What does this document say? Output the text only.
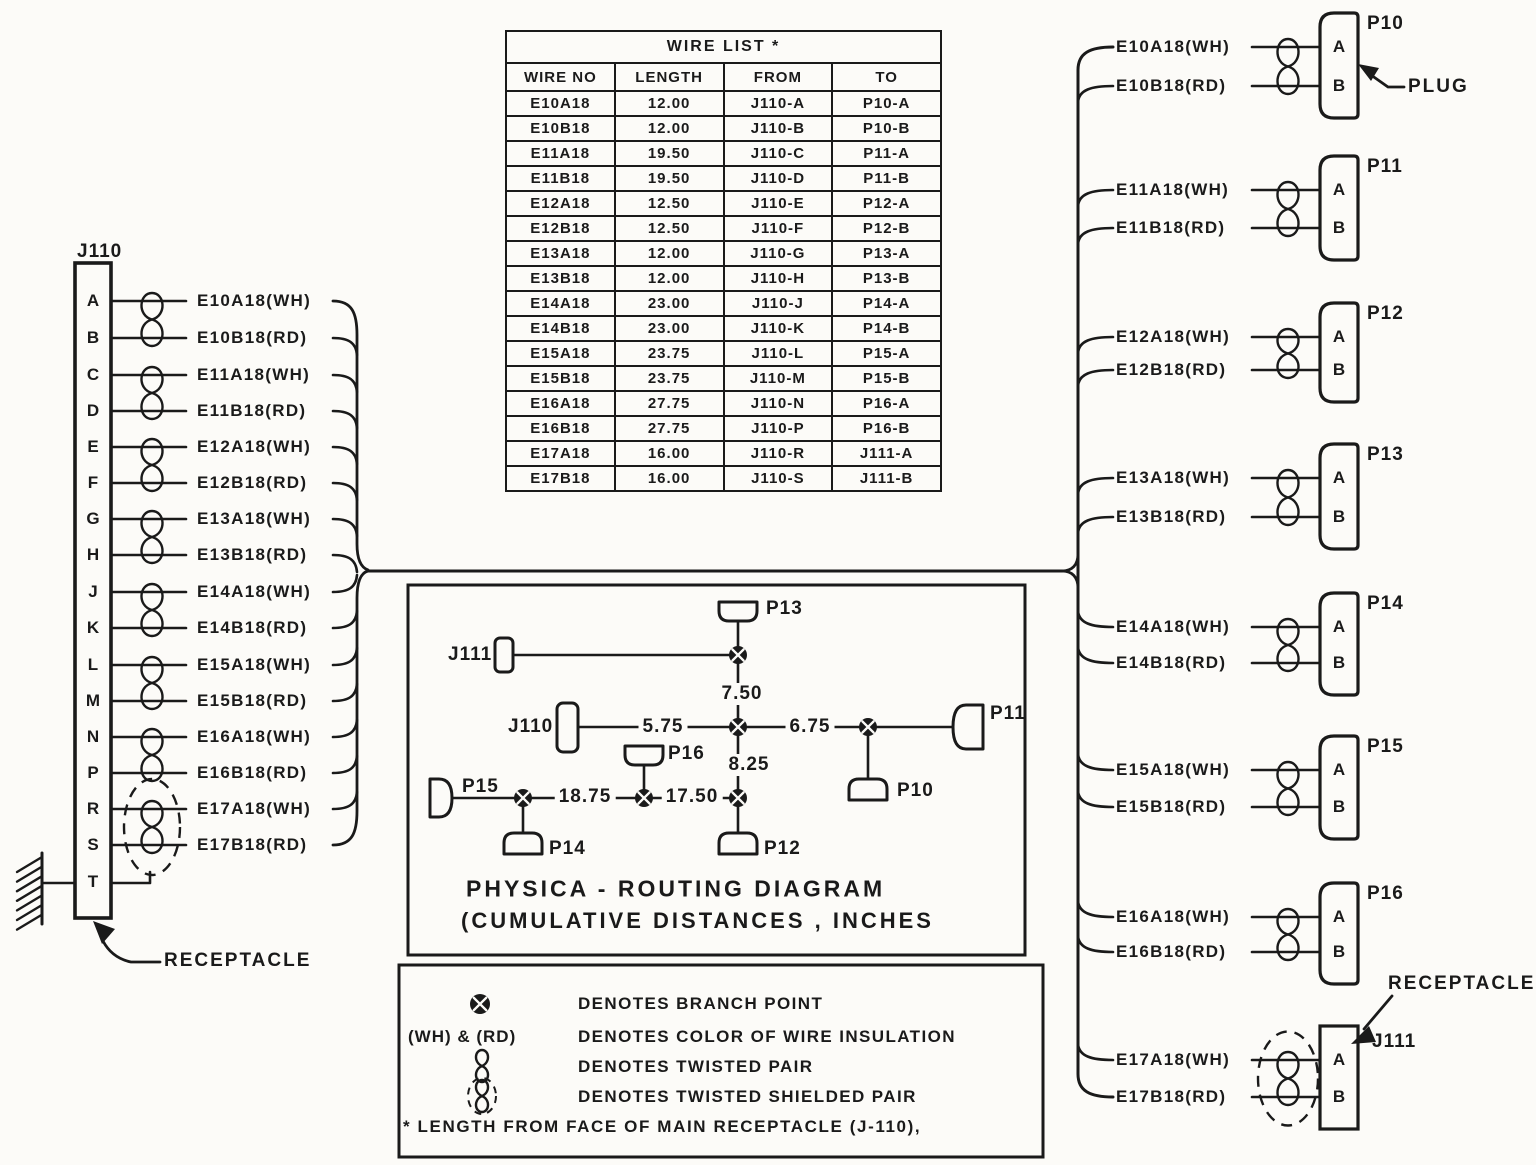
J110
RECEPTACLE
PLUG
RECEPTACLE
WIRE LIST *			
WIRE NO	LENGTH	FROM	TO
E10A18	12.00	J110-A	P10-A
E10B18	12.00	J110-B	P10-B
E11A18	19.50	J110-C	P11-A
E11B18	19.50	J110-D	P11-B
E12A18	12.50	J110-E	P12-A
E12B18	12.50	J110-F	P12-B
E13A18	12.00	J110-G	P13-A
E13B18	12.00	J110-H	P13-B
E14A18	23.00	J110-J	P14-A
E14B18	23.00	J110-K	P14-B
E15A18	23.75	J110-L	P15-A
E15B18	23.75	J110-M	P15-B
E16A18	27.75	J110-N	P16-A
E16B18	27.75	J110-P	P16-B
E17A18	16.00	J110-R	J111-A
E17B18	16.00	J110-S	J111-B
PHYSICA - ROUTING DIAGRAM
(CUMULATIVE DISTANCES , INCHES
P13
J111
J110
P11
P16
P10
P15
P14	P12
7.50
5.75	6.75
8.25
18.75	17.50
DENOTES BRANCH POINT
(WH) & (RD)	DENOTES COLOR OF WIRE INSULATION
DENOTES TWISTED PAIR
DENOTES TWISTED SHIELDED PAIR
* LENGTH FROM FACE OF MAIN RECEPTACLE (J-110),
A
B
C
D
E
F
G
H
J
K
L
M
N
P
R
S
T
E10A18(WH)
E10B18(RD)
E11A18(WH)
E11B18(RD)
E12A18(WH)
E12B18(RD)
E13A18(WH)
E13B18(RD)
E14A18(WH)
E14B18(RD)
E15A18(WH)
E15B18(RD)
E16A18(WH)
E16B18(RD)
E17A18(WH)
E17B18(RD)
E10A18(WH)	A
E10B18(RD)	B
P10
E11A18(WH)	A
E11B18(RD)	B
P11
E12A18(WH)	A
E12B18(RD)	B
P12
E13A18(WH)	A
E13B18(RD)	B
P13
E14A18(WH)	A
E14B18(RD)	B
P14
E15A18(WH)	A
E15B18(RD)	B
P15
E16A18(WH)	A
E16B18(RD)	B
P16
E17A18(WH)	A
E17B18(RD)	B
J111
